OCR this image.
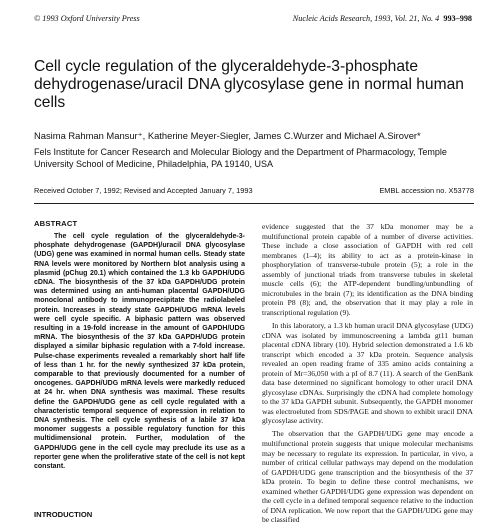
© 1993 Oxford University Press	Nucleic Acids Research, 1993, Vol. 21, No. 4 993–998
Cell cycle regulation of the glyceraldehyde-3-phosphate dehydrogenase/uracil DNA glycosylase gene in normal human cells
Nasima Rahman Mansur⁺, Katherine Meyer-Siegler, James C.Wurzer and Michael A.Sirover*
Fels Institute for Cancer Research and Molecular Biology and the Department of Pharmacology, Temple University School of Medicine, Philadelphia, PA 19140, USA
Received October 7, 1992; Revised and Accepted January 7, 1993	EMBL accession no. X53778
ABSTRACT

The cell cycle regulation of the glyceraldehyde-3-phosphate dehydrogenase (GAPDH)/uracil DNA glycosylase (UDG) gene was examined in normal human cells. Steady state RNA levels were monitored by Northern blot analysis using a plasmid (pChug 20.1) which contained the 1.3 kb GAPDH/UDG cDNA. The biosynthesis of the 37 kDa GAPDH/UDG protein was determined using an anti-human placental GAPDH/UDG monoclonal antibody to immunoprecipitate the radiolabeled protein. Increases in steady state GAPDH/UDG mRNA levels were cell cycle specific. A biphasic pattern was observed resulting in a 19-fold increase in the amount of GAPDH/UDG mRNA. The biosynthesis of the 37 kDa GAPDH/UDG protein displayed a similar biphasic regulation with a 7-fold increase. Pulse-chase experiments revealed a remarkably short half life of less than 1 hr. for the newly synthesized 37 kDa protein, comparable to that previously documented for a number of oncogenes. GAPDH/UDG mRNA levels were markedly reduced at 24 hr. when DNA synthesis was maximal. These results define the GAPDH/UDG gene as cell cycle regulated with a characteristic temporal sequence of expression in relation to DNA synthesis. The cell cycle synthesis of a labile 37 kDa monomer suggests a possible regulatory function for this multidimensional protein. Further, modulation of the GAPDH/UDG gene in the cell cycle may preclude its use as a reporter gene when the proliferative state of the cell is not kept constant.

INTRODUCTION

evidence suggested that the 37 kDa monomer may be a multifunctional protein capable of a number of diverse activities. These include a close association of GAPDH with red cell membranes (1–4); its ability to act as a protein-kinase in phosphorylation of transverse-tubule protein (5); a role in the assembly of junctional triads from transverse tubules in skeletal muscle cells (6); the ATP-dependent bundling/unbundling of microtubules in the brain (7); its identification as the DNA binding protein P8 (8); and, the observation that it may play a role in transcriptional regulation (9).

In this laboratory, a 1.3 kb human uracil DNA glycosylase (UDG) cDNA was isolated by immunoscreening a lambda gt11 human placental cDNA library (10). Hybrid selection demonstrated a 1.6 kb transcript which encoded a 37 kDa protein. Sequence analysis revealed an open reading frame of 335 amino acids containing a protein of Mr=36,050 with a pI of 8.7 (11). A search of the GenBank data base determined no significant homology to other uracil DNA glycosylase cDNAs. Surprisingly the cDNA had complete homology to the 37 kDa GAPDH subunit. Subsequently, the GAPDH monomer was electroeluted from SDS/PAGE and shown to exhibit uracil DNA glycosylase activity.

The observation that the GAPDH/UDG gene may encode a multifunctional protein suggests that unique molecular mechanisms may be necessary to regulate its expression. In particular, in vivo, a number of critical cellular pathways may depend on the modulation of GAPDH/UDG gene transcription and the biosynthesis of the 37 kDa protein. To begin to define these control mechanisms, we examined whether GAPDH/UDG gene expression was dependent on the cell cycle in a defined temporal sequence relative to the induction of DNA replication. We now report that the GAPDH/UDG gene may be classified
